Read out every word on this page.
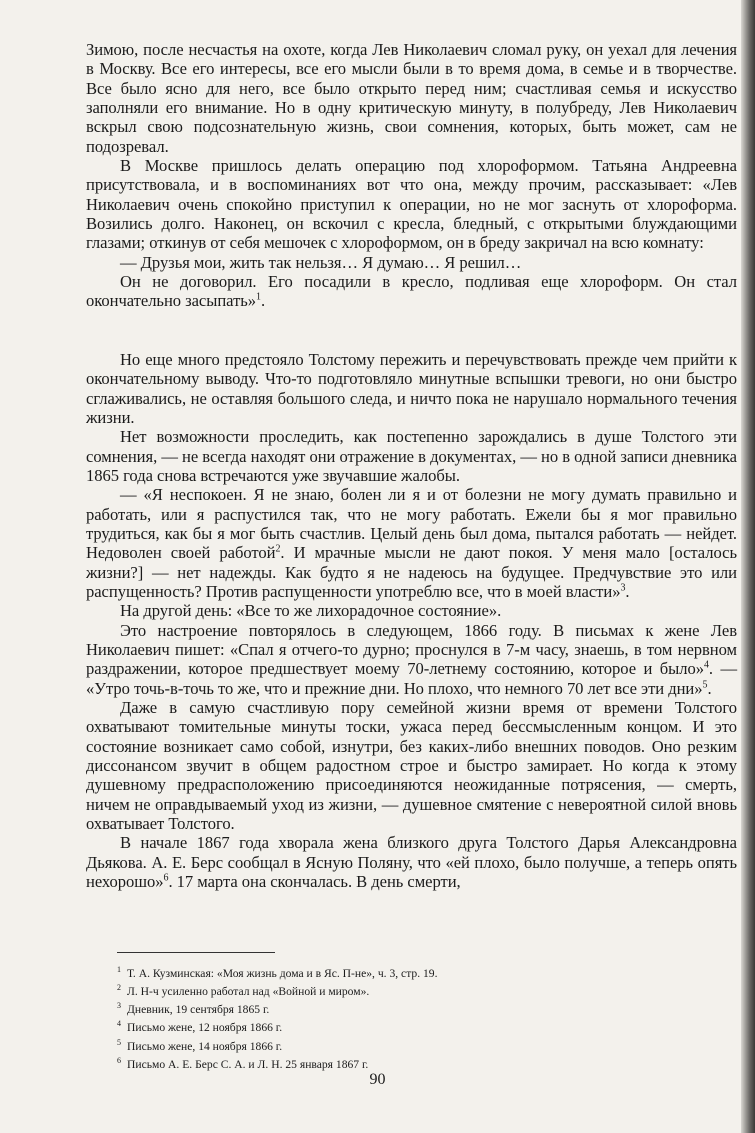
Зимою, после несчастья на охоте, когда Лев Николаевич сломал руку, он уехал для лечения в Москву. Все его интересы, все его мысли были в то время дома, в семье и в творчестве. Все было ясно для него, все было открыто перед ним; счастливая семья и искусство заполняли его внимание. Но в одну критическую минуту, в полубреду, Лев Николаевич вскрыл свою подсознательную жизнь, свои сомнения, которых, быть может, сам не подозревал.

В Москве пришлось делать операцию под хлороформом. Татьяна Андреевна присутствовала, и в воспоминаниях вот что она, между прочим, рассказывает: «Лев Николаевич очень спокойно приступил к операции, но не мог заснуть от хлороформа. Возились долго. Наконец, он вскочил с кресла, бледный, с открытыми блуждающими глазами; откинув от себя мешочек с хлороформом, он в бреду закричал на всю комнату:

— Друзья мои, жить так нельзя… Я думаю… Я решил…

Он не договорил. Его посадили в кресло, подливая еще хлороформ. Он стал окончательно засыпать»$^1$.

Но еще много предстояло Толстому пережить и перечувствовать прежде чем прийти к окончательному выводу. Что-то подготовляло минутные вспышки тревоги, но они быстро сглаживались, не оставляя большого следа, и ничто пока не нарушало нормального течения жизни.

Нет возможности проследить, как постепенно зарождались в душе Толстого эти сомнения, — не всегда находят они отражение в документах, — но в одной записи дневника 1865 года снова встречаются уже звучавшие жалобы.

— «Я неспокоен. Я не знаю, болен ли я и от болезни не могу думать правильно и работать, или я распустился так, что не могу работать. Ежели бы я мог правильно трудиться, как бы я мог быть счастлив. Целый день был дома, пытался работать — нейдет. Недоволен своей работой$^2$. И мрачные мысли не дают покоя. У меня мало [осталось жизни?] — нет надежды. Как будто я не надеюсь на будущее. Предчувствие это или распущенность? Против распущенности употреблю все, что в моей власти»$^3$.

На другой день: «Все то же лихорадочное состояние».

Это настроение повторялось в следующем, 1866 году. В письмах к жене Лев Николаевич пишет: «Спал я отчего-то дурно; проснулся в 7-м часу, знаешь, в том нервном раздражении, которое предшествует моему 70-летнему состоянию, которое и было»$^4$. — «Утро точь-в-точь то же, что и прежние дни. Но плохо, что немного 70 лет все эти дни»$^5$.

Даже в самую счастливую пору семейной жизни время от времени Толстого охватывают томительные минуты тоски, ужаса перед бессмысленным концом. И это состояние возникает само собой, изнутри, без каких-либо внешних поводов. Оно резким диссонансом звучит в общем радостном строе и быстро замирает. Но когда к этому душевному предрасположению присоединяются неожиданные потрясения, — смерть, ничем не оправдываемый уход из жизни, — душевное смятение с невероятной силой вновь охватывает Толстого.

В начале 1867 года хворала жена близкого друга Толстого Дарья Александровна Дьякова. А. Е. Берс сообщал в Ясную Поляну, что «ей плохо, было получше, а теперь опять нехорошо»$^6$. 17 марта она скончалась. В день смерти,

$^1$ Т. А. Кузминская: «Моя жизнь дома и в Яс. П-не», ч. 3, стр. 19.
$^2$ Л. Н-ч усиленно работал над «Войной и миром».
$^3$ Дневник, 19 сентября 1865 г.
$^4$ Письмо жене, 12 ноября 1866 г.
$^5$ Письмо жене, 14 ноября 1866 г.
$^6$ Письмо А. Е. Берс С. А. и Л. Н. 25 января 1867 г.
90
